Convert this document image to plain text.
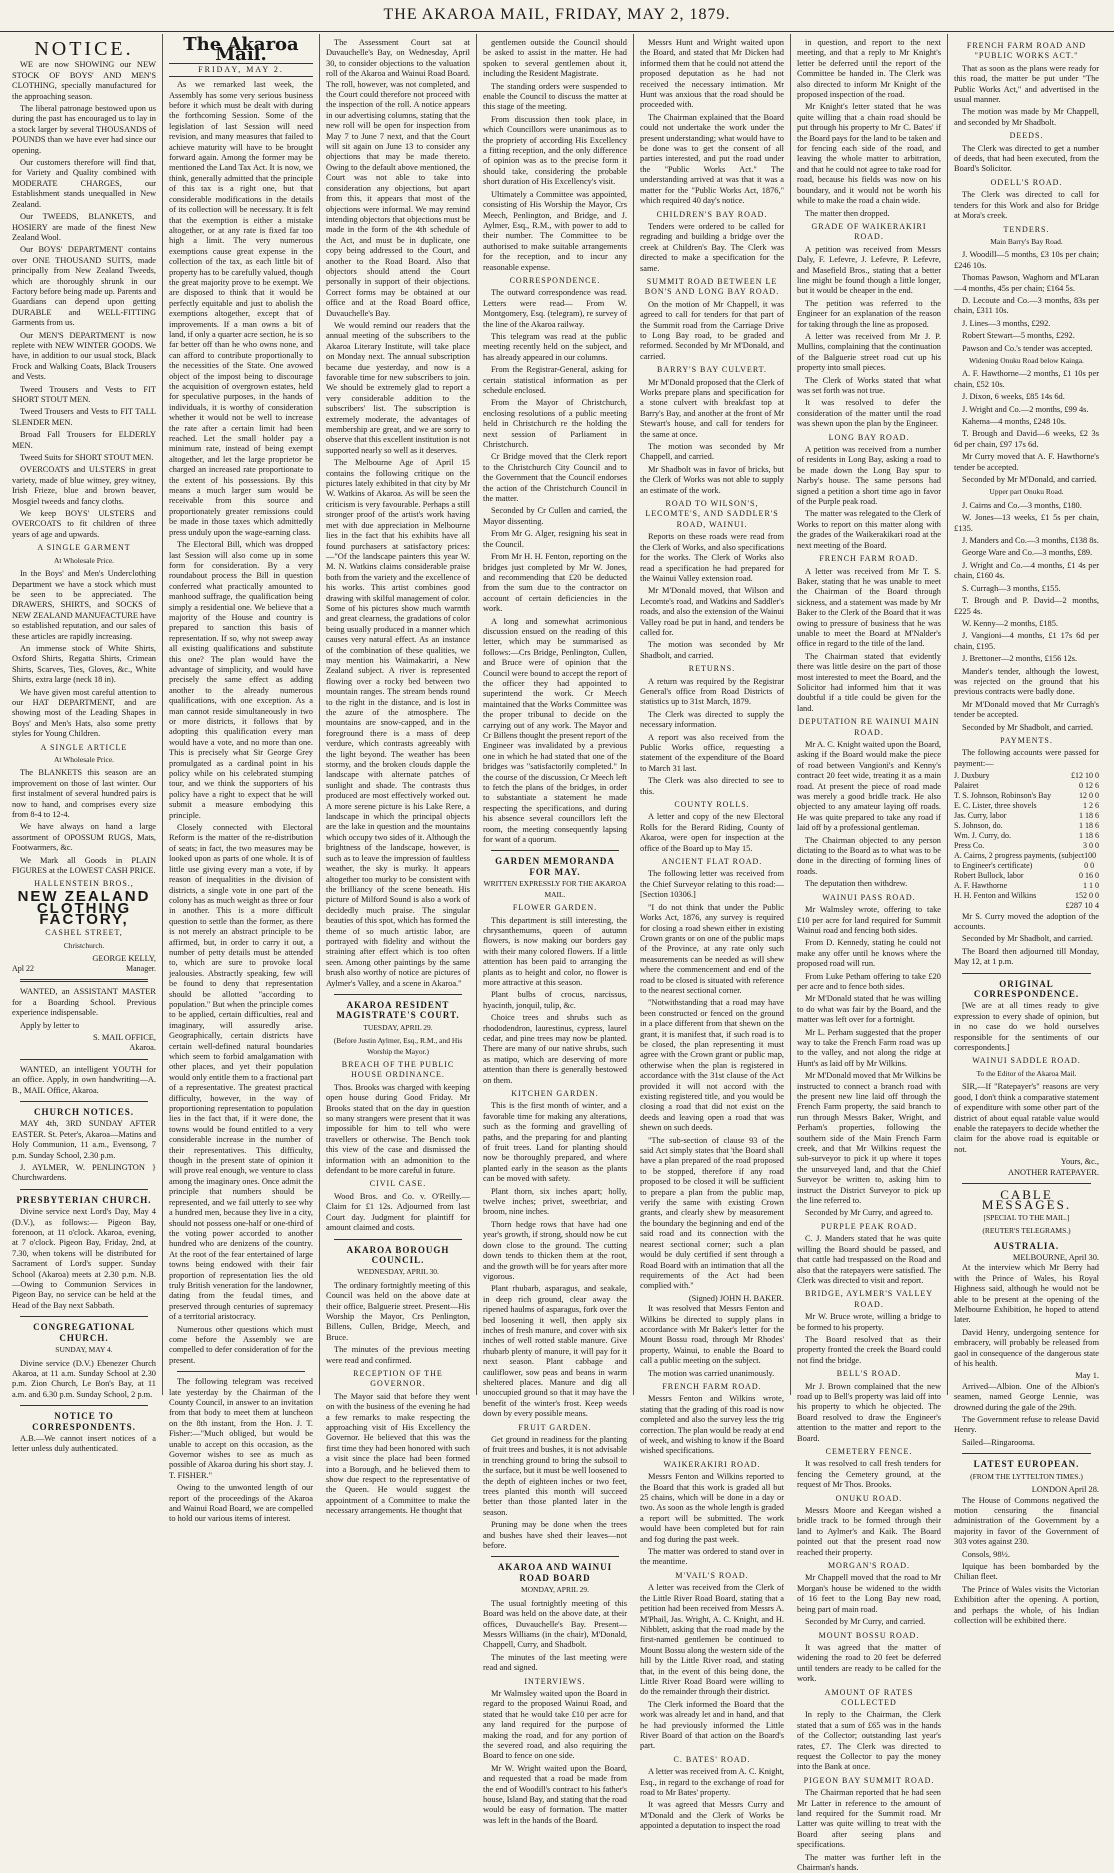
THE AKAROA MAIL, FRIDAY, MAY 2, 1879.
NOTICE.

WE are now SHOWING our NEW STOCK OF BOYS' AND MEN'S CLOTHING, specially manufactured for the approaching season.

The liberal patronage bestowed upon us during the past has encouraged us to lay in a stock larger by several THOUSANDS of POUNDS than we have ever had since our opening.

Our customers therefore will find that, for Variety and Quality combined with MODERATE CHARGES, our Establishment stands unequalled in New Zealand.

Our TWEEDS, BLANKETS, and HOSIERY are made of the finest New Zealand Wool.

Our BOYS' DEPARTMENT contains over ONE THOUSAND SUITS, made principally from New Zealand Tweeds, which are thoroughly shrunk in our Factory before being made up. Parents and Guardians can depend upon getting DURABLE and WELL-FITTING Garments from us.

Our MEN'S DEPARTMENT is now replete with NEW WINTER GOODS. We have, in addition to our usual stock, Black Frock and Walking Coats, Black Trousers and Vests.

Tweed Trousers and Vests to FIT SHORT STOUT MEN.

Tweed Trousers and Vests to FIT TALL SLENDER MEN.

Broad Fall Trousers for ELDERLY MEN.

Tweed Suits for SHORT STOUT MEN.

OVERCOATS and ULSTERS in great variety, made of blue witney, grey witney, Irish Frieze, blue and brown beaver, Mosgiel tweeds and fancy cloths.

We keep BOYS' ULSTERS and OVERCOATS to fit children of three years of age and upwards.

A SINGLE GARMENT
At Wholesale Price.

In the Boys' and Men's Underclothing Department we have a stock which must be seen to be appreciated. The DRAWERS, SHIRTS, and SOCKS of NEW ZEALAND MANUFACTURE have so established reputation, and our sales of these articles are rapidly increasing.

An immense stock of White Shirts, Oxford Shirts, Regatta Shirts, Crimean Shirts, Scarves, Ties, Gloves, &c., White Shirts, extra large (neck 18 in).

We have given most careful attention to our HAT DEPARTMENT, and are showing most of the Leading Shapes in Boys' and Men's Hats, also some pretty styles for Young Children.

A SINGLE ARTICLE
At Wholesale Price.

The BLANKETS this season are an improvement on those of last winter. Our first instalment of several hundred pairs is now to hand, and comprises every size from 8-4 to 12-4.

We have always on hand a large assortment of OPOSSUM RUGS, Mats, Footwarmers, &c.

We Mark all Goods in PLAIN FIGURES at the LOWEST CASH PRICE.

HALLENSTEIN BROS.,
NEW ZEALAND
CLOTHING FACTORY,
CASHEL STREET,
Christchurch.
GEORGE KELLY,
Apl 22	Manager.

WANTED, an ASSISTANT MASTER for a Boarding School. Previous experience indispensable.

Apply by letter to

S. MAIL OFFICE,
Akaroa.

WANTED, an intelligent YOUTH for an office. Apply, in own handwriting—A. B., MAIL Office, Akaroa.

CHURCH NOTICES.

MAY 4th, 3RD SUNDAY AFTER EASTER. St. Peter's, Akaroa—Matins and Holy Communion, 11 a.m., Evensong, 7 p.m. Sunday School, 2.30 p.m.

J. AYLMER, W. PENLINGTON } Churchwardens.

PRESBYTERIAN CHURCH.

Divine service next Lord's Day, May 4 (D.V.), as follows:— Pigeon Bay, forenoon, at 11 o'clock. Akaroa, evening, at 7 o'clock. Pigeon Bay, Friday, 2nd, at 7.30, when tokens will be distributed for Sacrament of Lord's supper. Sunday School (Akaroa) meets at 2.30 p.m. N.B.—Owing to Communion Services in Pigeon Bay, no service can be held at the Head of the Bay next Sabbath.

CONGREGATIONAL CHURCH.
SUNDAY, MAY 4.

Divine service (D.V.) Ebenezer Church Akaroa, at 11 a.m. Sunday School at 2.30 p.m. Zion Church, Le Bon's Bay, at 11 a.m. and 6.30 p.m. Sunday School, 2 p.m.

NOTICE TO CORRESPONDENTS.

A.B.—We cannot insert notices of a letter unless duly authenticated.

The Akaroa Mail.
FRIDAY, MAY 2.

As we remarked last week, the Assembly has some very serious business before it which must be dealt with during the forthcoming Session. Some of the legislation of last Session will need revision, and many measures that failed to achieve maturity will have to be brought forward again. Among the former may be mentioned the Land Tax Act. It is now, we think, generally admitted that the principle of this tax is a right one, but that considerable modifications in the details of its collection will be necessary. It is felt that the exemption is either a mistake altogether, or at any rate is fixed far too high a limit. The very numerous exemptions cause great expense in the collection of the tax, as each little bit of property has to be carefully valued, though the great majority prove to be exempt. We are disposed to think that it would be perfectly equitable and just to abolish the exemptions altogether, except that of improvements. If a man owns a bit of land, if only a quarter acre section, he is so far better off than he who owns none, and can afford to contribute proportionally to the necessities of the State. One avowed object of the impost being to discourage the acquisition of overgrown estates, held for speculative purposes, in the hands of individuals, it is worthy of consideration whether it would not be well to increase the rate after a certain limit had been reached. Let the small holder pay a minimum rate, instead of being exempt altogether, and let the large proprietor be charged an increased rate proportionate to the extent of his possessions. By this means a much larger sum would be receivable from this source and proportionately greater remissions could be made in those taxes which admittedly press unduly upon the wage-earning class.

The Electoral Bill, which was dropped last Session will also come up in some form for consideration. By a very roundabout process the Bill in question conferred what practically amounted to manhood suffrage, the qualification being simply a residential one. We believe that a majority of the House and country is prepared to sanction this basis of representation. If so, why not sweep away all existing qualifications and substitute this one? The plan would have the advantage of simplicity, and would have precisely the same effect as adding another to the already numerous qualifications, with one exception. As a man cannot reside simultaneously in two or more districts, it follows that by adopting this qualification every man would have a vote, and no more than one. This is precisely what Sir George Grey promulgated as a cardinal point in his policy while on his celebrated stumping tour, and we think the supporters of his policy have a right to expect that he will submit a measure embodying this principle.

Closely connected with Electoral Reform is the matter of the re-distribution of seats; in fact, the two measures may be looked upon as parts of one whole. It is of little use giving every man a vote, if by reason of inequalities in the division of districts, a single vote in one part of the colony has as much weight as three or four in another. This is a more difficult question to settle than the former, as there is not merely an abstract principle to be affirmed, but, in order to carry it out, a number of petty details must be attended to, which are sure to provoke local jealousies. Abstractly speaking, few will be found to deny that representation should be allotted "according to population." But when the principle comes to be applied, certain difficulties, real and imaginary, will assuredly arise. Geographically, certain districts have certain well-defined natural boundaries which seem to forbid amalgamation with other places, and yet their population would only entitle them to a fractional part of a representative. The greatest practical difficulty, however, in the way of proportioning representation to population lies in the fact that, if it were done, the towns would be found entitled to a very considerable increase in the number of their representatives. This difficulty, though in the present state of opinion it will prove real enough, we venture to class among the imaginary ones. Once admit the principle that numbers should be represented, and we fail utterly to see why a hundred men, because they live in a city, should not possess one-half or one-third of the voting power accorded to another hundred who are denizens of the country. At the root of the fear entertained of large towns being endowed with their fair proportion of representation lies the old truly British veneration for the landowner, dating from the feudal times, and preserved through centuries of supremacy of a territorial aristocracy.

Numerous other questions which must come before the Assembly we are compelled to defer consideration of for the present.

The following telegram was received late yesterday by the Chairman of the County Council, in answer to an invitation from that body to meet them at luncheon on the 8th instant, from the Hon. J. T. Fisher:—"Much obliged, but would be unable to accept on this occasion, as the Governor wishes to see as much as possible of Akaroa during his short stay. J. T. FISHER."

Owing to the unwonted length of our report of the proceedings of the Akaroa and Wainui Road Board, we are compelled to hold our various items of interest.

The Assessment Court sat at Duvauchelle's Bay, on Wednesday, April 30, to consider objections to the valuation roll of the Akaroa and Wainui Road Board. The roll, however, was not completed, and the Court could therefore not proceed with the inspection of the roll. A notice appears in our advertising columns, stating that the new roll will be open for inspection from May 7 to June 7 next, and that the Court will sit again on June 13 to consider any objections that may be made thereto. Owing to the default above mentioned, the Court was not able to take into consideration any objections, but apart from this, it appears that most of the objections were informal. We may remind intending objectors that objections must be made in the form of the 4th schedule of the Act, and must be in duplicate, one copy being addressed to the Court, and another to the Road Board. Also that objectors should attend the Court personally in support of their objections. Correct forms may be obtained at our office and at the Road Board office, Duvauchelle's Bay.

We would remind our readers that the annual meeting of the subscribers to the Akaroa Literary Institute, will take place on Monday next. The annual subscription became due yesterday, and now is a favorable time for new subscribers to join. We should be extremely glad to report a very considerable addition to the subscribers' list. The subscription is extremely moderate, the advantages of membership are great, and we are sorry to observe that this excellent institution is not supported nearly so well as it deserves.

The Melbourne Age of April 15 contains the following critique on the pictures lately exhibited in that city by Mr W. Watkins of Akaroa. As will be seen the criticism is very favourable. Perhaps a still stronger proof of the artist's work having met with due appreciation in Melbourne lies in the fact that his exhibits have all found purchasers at satisfactory prices:—"Of the landscape painters this year W. M. N. Watkins claims considerable praise both from the variety and the excellence of his works. This artist combines good drawing with skilful management of color. Some of his pictures show much warmth and great clearness, the gradations of color being usually produced in a manner which causes very natural effect. As an instance of the combination of these qualities, we may mention his Waimakariri, a New Zealand subject. A river is represented flowing over a rocky bed between two mountain ranges. The stream bends round to the right in the distance, and is lost in the azure of the atmosphere. The mountains are snow-capped, and in the foreground there is a mass of deep verdure, which contrasts agreeably with the light beyond. The weather has been stormy, and the broken clouds dapple the landscape with alternate patches of sunlight and shade. The contrasts thus produced are most effectively worked out. A more serene picture is his Lake Rere, a landscape in which the principal objects are the lake in question and the mountains which occupy two sides of it. Although the brightness of the landscape, however, is such as to leave the impression of faultless weather, the sky is murky. It appears altogether too murky to be consistent with the brilliancy of the scene beneath. His picture of Milford Sound is also a work of decidedly much praise. The singular beauties of this spot, which has formed the theme of so much artistic labor, are portrayed with fidelity and without the straining after effect which is too often seen. Among other paintings by the same brush also worthy of notice are pictures of Aylmer's Valley, and a scene in Akaroa."

AKAROA RESIDENT MAGISTRATE'S COURT.
TUESDAY, APRIL 29.
(Before Justin Aylmer, Esq., R.M., and His Worship the Mayor.)
BREACH OF THE PUBLIC HOUSE ORDINANCE.

Thos. Brooks was charged with keeping open house during Good Friday. Mr Brooks stated that on the day in question so many strangers were present that it was impossible for him to tell who were travellers or otherwise. The Bench took this view of the case and dismissed the information with an admonition to the defendant to be more careful in future.

CIVIL CASE.

Wood Bros. and Co. v. O'Reilly.—Claim for £1 12s. Adjourned from last Court day. Judgment for plaintiff for amount claimed and costs.

AKAROA BOROUGH COUNCIL.
WEDNESDAY, APRIL 30.

The ordinary fortnightly meeting of this Council was held on the above date at their office, Balguerie street. Present—His Worship the Mayor, Crs Penlington, Billens, Cullen, Bridge, Meech, and Bruce.

The minutes of the previous meeting were read and confirmed.

RECEPTION OF THE GOVERNOR.

The Mayor said that before they went on with the business of the evening he had a few remarks to make respecting the approaching visit of His Excellency the Governor. He believed that this was the first time they had been honored with such a visit since the place had been formed into a Borough, and he believed them to show due respect to the representative of the Queen. He would suggest the appointment of a Committee to make the necessary arrangements. He thought that

gentlemen outside the Council should be asked to assist in the matter. He had spoken to several gentlemen about it, including the Resident Magistrate.

The standing orders were suspended to enable the Council to discuss the matter at this stage of the meeting.

From discussion then took place, in which Councillors were unanimous as to the propriety of according His Excellency a fitting reception, and the only difference of opinion was as to the precise form it should take, considering the probable short duration of His Excellency's visit.

Ultimately a Committee was appointed, consisting of His Worship the Mayor, Crs Meech, Penlington, and Bridge, and J. Aylmer, Esq., R.M., with power to add to their number. The Committee to be authorised to make suitable arrangements for the reception, and to incur any reasonable expense.

CORRESPONDENCE.

The outward correspondence was read. Letters were read— From W. Montgomery, Esq. (telegram), re survey of the line of the Akaroa railway.

This telegram was read at the public meeting recently held on the subject, and has already appeared in our columns.

From the Registrar-General, asking for certain statistical information as per schedule enclosed.

From the Mayor of Christchurch, enclosing resolutions of a public meeting held in Christchurch re the holding the next session of Parliament in Christchurch.

Cr Bridge moved that the Clerk report to the Christchurch City Council and to the Government that the Council endorses the action of the Christchurch Council in the matter.

Seconded by Cr Cullen and carried, the Mayor dissenting.

From Mr G. Alger, resigning his seat in the Council.

From Mr H. H. Fenton, reporting on the bridges just completed by Mr W. Jones, and recommending that £20 be deducted from the sum due to the contractor on account of certain deficiencies in the work.

A long and somewhat acrimonious discussion ensued on the reading of this letter, which may be summarised as follows:—Crs Bridge, Penlington, Cullen, and Bruce were of opinion that the Council were bound to accept the report of the officer they had appointed to superintend the work. Cr Meech maintained that the Works Committee was the proper tribunal to decide on the carrying out of any work. The Mayor and Cr Billens thought the present report of the Engineer was invalidated by a previous one in which he had stated that one of the bridges was "satisfactorily completed." In the course of the discussion, Cr Meech left to fetch the plans of the bridges, in order to substantiate a statement he made respecting the specifications, and during his absence several councillors left the room, the meeting consequently lapsing for want of a quorum.

GARDEN MEMORANDA FOR MAY.
WRITTEN EXPRESSLY FOR THE AKAROA MAIL.
FLOWER GARDEN.

This department is still interesting, the chrysanthemums, queen of autumn flowers, is now making our borders gay with their many colored flowers. If a little attention has been paid to arranging the plants as to height and color, no flower is more attractive at this season.

Plant bulbs of crocus, narcissus, hyacinth, jonquil, tulip, &c.

Choice trees and shrubs such as rhododendron, laurestinus, cypress, laurel cedar, and pine trees may now be planted. There are many of our native shrubs, such as matipo, which are deserving of more attention than there is generally bestowed on them.

KITCHEN GARDEN.

This is the first month of winter, and a favorable time for making any alterations, such as the forming and gravelling of paths, and the preparing for and planting of fruit trees. Land for planting should now be thoroughly prepared, and where planted early in the season as the plants can be moved with safety.

Plant thorn, six inches apart; holly, twelve inches; privet, sweetbriar, and broom, nine inches.

Thorn hedge rows that have had one year's growth, if strong, should now be cut down close to the ground. The cutting down tends to thicken them at the root, and the growth will be for years after more vigorous.

Plant rhubarb, asparagus, and seakale, in deep rich ground, clear away the ripened haulms of asparagus, fork over the bed loosening it well, then apply six inches of fresh manure, and cover with six inches of well rotted stable manure. Give rhubarb plenty of manure, it will pay for it next season. Plant cabbage and cauliflower, sow peas and beans in warm sheltered places. Manure and dig all unoccupied ground so that it may have the benefit of the winter's frost. Keep weeds down by every possible means.

FRUIT GARDEN.

Get ground in readiness for the planting of fruit trees and bushes, it is not advisable in trenching ground to bring the subsoil to the surface, but it must be well loosened to the depth of eighteen inches or two feet, trees planted this month will succeed better than those planted later in the season.

Pruning may be done when the trees and bushes have shed their leaves—not before.

AKAROA AND WAINUI ROAD BOARD
MONDAY, APRIL 29.

The usual fortnightly meeting of this Board was held on the above date, at their offices, Duvauchelle's Bay. Present—Messrs Williams (in the chair), M'Donald, Chappell, Curry, and Shadbolt.

The minutes of the last meeting were read and signed.

INTERVIEWS.

Mr Walmsley waited upon the Board in regard to the proposed Wainui Road, and stated that he would take £10 per acre for any land required for the purpose of making the road, and for any portion of the severed road, and also requiring the Board to fence on one side.

Mr W. Wright waited upon the Board, and requested that a road be made from the end of Woodill's contract to his father's house, Island Bay, and stating that the road would be easy of formation. The matter was left in the hands of the Board.

Messrs Hunt and Wright waited upon the Board, and stated that Mr Dicken had informed them that he could not attend the proposed deputation as he had not received the necessary intimation. Mr Hunt was anxious that the road should be proceeded with.

The Chairman explained that the Board could not undertake the work under the present understanding; what would have to be done was to get the consent of all parties interested, and put the road under the "Public Works Act." The understanding arrived at was that it was a matter for the "Public Works Act, 1876," which required 40 day's notice.

CHILDREN'S BAY ROAD.

Tenders were ordered to be called for regrading and building a bridge over the creek at Children's Bay. The Clerk was directed to make a specification for the same.

SUMMIT ROAD BETWEEN LE BON'S AND LONG BAY ROAD.

On the motion of Mr Chappell, it was agreed to call for tenders for that part of the Summit road from the Carriage Drive to Long Bay road, to be graded and reformed. Seconded by Mr M'Donald, and carried.

BARRY'S BAY CULVERT.

Mr M'Donald proposed that the Clerk of Works prepare plans and specification for a stone culvert with breakfast top at Barry's Bay, and another at the front of Mr Stewart's house, and call for tenders for the same at once.

The motion was seconded by Mr Chappell, and carried.

Mr Shadbolt was in favor of bricks, but the Clerk of Works was not able to supply an estimate of the work.

ROAD TO WILSON'S, LECOMTE'S, AND SADDLER'S ROAD, WAINUI.

Reports on these roads were read from the Clerk of Works, and also specifications for the works. The Clerk of Works also read a specification he had prepared for the Wainui Valley extension road.

Mr M'Donald moved, that Wilson and Lecomte's road, and Watkins and Saddler's roads, and also the extension of the Wainui Valley road be put in hand, and tenders be called for.

The motion was seconded by Mr Shadbolt, and carried.

RETURNS.

A return was required by the Registrar General's office from Road Districts of statistics up to 31st March, 1879.

The Clerk was directed to supply the necessary information.

A report was also received from the Public Works office, requesting a statement of the expenditure of the Board to March 31 last.

The Clerk was also directed to see to this.

COUNTY ROLLS.

A letter and copy of the new Electoral Rolls for the Berard Riding, County of Akaroa, were open for inspection at the office of the Board up to May 15.

ANCIENT FLAT ROAD.

The following letter was received from the Chief Surveyor relating to this road:— [Section 10306.]

"I do not think that under the Public Works Act, 1876, any survey is required for closing a road shewn either in existing Crown grants or on one of the public maps of the Province, at any rate only such measurements can be needed as will shew where the commencement and end of the road to be closed is situated with reference to the nearest sectional corner.

"Notwithstanding that a road may have been constructed or fenced on the ground in a place different from that shewn on the grant, it is manifest that, if such road is to be closed, the plan representing it must agree with the Crown grant or public map, otherwise when the plan is registered in accordance with the 31st clause of the Act provided it will not accord with the existing registered title, and you would be closing a road that did not exist on the deeds and leaving open a road that was shewn on such deeds.

"The sub-section of clause 93 of the said Act simply states that 'the Board shall have a plan prepared of the road proposed to be stopped, therefore if any road proposed to be closed it will be sufficient to prepare a plan from the public map, verify the same with existing Crown grants, and clearly shew by measurement the boundary the beginning and end of the said road and its connection with the nearest sectional corner; such a plan would be duly certified if sent through a Road Board with an intimation that all the requirements of the Act had been complied with."

(Signed) JOHN H. BAKER.

It was resolved that Messrs Fenton and Wilkins be directed to supply plans in accordance with Mr Baker's letter for the Mount Bossu road, through Mr Rhodes' property, Wainui, to enable the Board to call a public meeting on the subject.

The motion was carried unanimously.

FRENCH FARM ROAD.

Messrs Fenton and Wilkins wrote, stating that the grading of this road is now completed and also the survey less the trig correction. The plan would be ready at end of week, and wishing to know if the Board wished specifications.

WAIKERAKIRI ROAD.

Messrs Fenton and Wilkins reported to the Board that this work is graded all but 25 chains, which will be done in a day or two. As soon as the whole length is graded a report will be submitted. The work would have been completed but for rain and fog during the past week.

The matter was ordered to stand over in the meantime.

M'VAIL'S ROAD.

A letter was received from the Clerk of the Little River Road Board, stating that a petition had been received from Messrs A. M'Phail, Jas. Wright, A. C. Knight, and H. Nibblett, asking that the road made by the first-named gentlemen be continued to Mount Bossu along the western side of the hill by the Little River road, and stating that, in the event of this being done, the Little River Road Board were willing to do the remainder through their district.

The Clerk informed the Board that the work was already let and in hand, and that he had previously informed the Little River Board of that action on the Board's part.

C. BATES' ROAD.

A letter was received from A. C. Knight, Esq., in regard to the exchange of road for road to Mr Bates' property.

It was agreed that Messrs Curry and M'Donald and the Clerk of Works be appointed a deputation to inspect the road

in question, and report to the next meeting, and that a reply to Mr Knight's letter be deferred until the report of the Committee be handed in. The Clerk was also directed to inform Mr Knight of the proposed inspection of the road.

Mr Knight's letter stated that he was quite willing that a chain road should be put through his property to Mr C. Bates' if the Board pays for the land to be taken and for fencing each side of the road, and leaving the whole matter to arbitration, and that he could not agree to take road for road, because his fields was now on his boundary, and it would not be worth his while to make the road a chain wide.

The matter then dropped.

GRADE OF WAIKERAKIRI ROAD.

A petition was received from Messrs Daly, F. Lefevre, J. Lefevre, P. Lefevre, and Masefield Bros., stating that a better line might be found though a little longer, but it would be cheaper in the end.

The petition was referred to the Engineer for an explanation of the reason for taking through the line as proposed.

A letter was received from Mr J. P. Mullins, complaining that the continuation of the Balguerie street road cut up his property into small pieces.

The Clerk of Works stated that what was set forth was not true.

It was resolved to defer the consideration of the matter until the road was shewn upon the plan by the Engineer.

LONG BAY ROAD.

A petition was received from a number of residents in Long Bay, asking a road to be made down the Long Bay spur to Narby's house. The same persons had signed a petition a short time ago in favor of the Purple peak road.

The matter was relegated to the Clerk of Works to report on this matter along with the grades of the Waikerakikari road at the next meeting of the Board.

FRENCH FARM ROAD.

A letter was received from Mr T. S. Baker, stating that he was unable to meet the Chairman of the Board through sickness, and a statement was made by Mr Baker to the Clerk of the Board that it was owing to pressure of business that he was unable to meet the Board at M'Nalder's office in regard to the title of the land.

The Chairman stated that evidently there was little desire on the part of those most interested to meet the Board, and the Solicitor had informed him that it was doubtful if a title could be given for the land.

DEPUTATION RE WAINUI MAIN ROAD.

Mr A. C. Knight waited upon the Board, asking if the Board would make the piece of road between Vangioni's and Kenny's contract 20 feet wide, treating it as a main road. At present the piece of road made was merely a good bridle track. He also objected to any amateur laying off roads. He was quite prepared to take any road if laid off by a professional gentleman.

The Chairman objected to any person dictating to the Board as to what was to be done in the directing of forming lines of roads.

The deputation then withdrew.

WAINUI PASS ROAD.

Mr Walmsley wrote, offering to take £10 per acre for land required for Summit Wainui road and fencing both sides.

From D. Kennedy, stating he could not make any offer until he knows where the proposed road will run.

From Luke Petham offering to take £20 per acre and to fence both sides.

Mr M'Donald stated that he was willing to do what was fair by the Board, and the matter was left over for a fortnight.

Mr L. Perham suggested that the proper way to take the French Farm road was up to the valley, and not along the ridge at Hunt's as laid off by Mr Wilkins.

Mr M'Donald moved that Mr Wilkins be instructed to connect a branch road with the present new line laid off through the French Farm property, the said branch to run through Messrs Baker, Wright, and Perham's properties, following the southern side of the Main French Farm creek, and that Mr Wilkins request the sub-surveyor to pick it up where it topes the unsurveyed land, and that the Chief Surveyor be written to, asking him to instruct the District Surveyor to pick up the line referred to.

Seconded by Mr Curry, and agreed to.

PURPLE PEAK ROAD.

C. J. Manders stated that he was quite willing the Board should be passed, and that cattle had trespassed on the Road and also that the ratepayers were satisfied. The Clerk was directed to visit and report.

BRIDGE, AYLMER'S VALLEY ROAD.

Mr W. Bruce wrote, willing a bridge to be formed to his property.

The Board resolved that as their property fronted the creek the Board could not find the bridge.

BELL'S ROAD.

Mr J. Brown complained that the new road up to Bell's property was laid off into his property to which he objected. The Board resolved to draw the Engineer's attention to the matter and report to the Board.

CEMETERY FENCE.

It was resolved to call fresh tenders for fencing the Cemetery ground, at the request of Mr Thos. Brooks.

ONUKU ROAD.

Messrs Moore and Keegan wished a bridle track to be formed through their land to Aylmer's and Kaik. The Board pointed out that the present road now reached their property.

MORGAN'S ROAD.

Mr Chappell moved that the road to Mr Morgan's house be widened to the width of 16 feet to the Long Bay new road, being part of main road.

Seconded by Mr Curry, and carried.

MOUNT BOSSU ROAD.

It was agreed that the matter of widening the road to 20 feet be deferred until tenders are ready to be called for the work.

AMOUNT OF RATES COLLECTED

In reply to the Chairman, the Clerk stated that a sum of £65 was in the hands of the Collector; outstanding last year's rates, £7. The Clerk was directed to request the Collector to pay the money into the Bank at once.

PIGEON BAY SUMMIT ROAD.

The Chairman reported that he had seen Mr Latter in reference to the amount of land required for the Summit road. Mr Latter was quite willing to treat with the Board after seeing plans and specifications.

The matter was further left in the Chairman's hands.

FRENCH FARM ROAD AND "PUBLIC WORKS ACT."

That as soon as the plans were ready for this road, the matter be put under "The Public Works Act," and advertised in the usual manner.

The motion was made by Mr Chappell, and seconded by Mr Shadbolt.

DEEDS.

The Clerk was directed to get a number of deeds, that had been executed, from the Board's Solicitor.

ODELL'S ROAD.

The Clerk was directed to call for tenders for this Work and also for Bridge at Mora's creek.

TENDERS.
Main Barry's Bay Road.

J. Woodill—5 months, £3 10s per chain; £246 10s.

Thomas Pawson, Waghorn and M'Laran—4 months, 45s per chain; £164 5s.

D. Lecoute and Co.—3 months, 83s per chain, £311 10s.

J. Lines—3 months, £292.

Robert Stewart—5 months, £292.

Pawson and Co.'s tender was accepted.

Widening Onuku Road below Kainga.

A. F. Hawthorne—2 months, £1 10s per chain, £52 10s.

J. Dixon, 6 weeks, £85 14s 6d.

J. Wright and Co.—2 months, £99 4s.

Kahema—4 months, £248 10s.

T. Brough and David—6 weeks, £2 3s 6d per chain, £97 17s 6d.

Mr Curry moved that A. F. Hawthorne's tender be accepted.

Seconded by Mr M'Donald, and carried.

Upper part Onuku Road.

J. Cairns and Co.—3 months, £180.

W. Jones—13 weeks, £1 5s per chain, £135.

J. Manders and Co.—3 months, £138 8s.

George Ware and Co.—3 months, £89.

J. Wright and Co.—4 months, £1 4s per chain, £160 4s.

S. Curragh—3 months, £155.

T. Brough and P. David—2 months, £225 4s.

W. Kenny—2 months, £185.

J. Vangioni—4 months, £1 17s 6d per chain, £195.

J. Brettoner—2 months, £156 12s.

Mander's tender, although the lowest, was rejected on the ground that his previous contracts were badly done.

Mr M'Donald moved that Mr Curragh's tender be accepted.

Seconded by Mr Shadbolt, and carried.

PAYMENTS.

The following accounts were passed for payment:—

J. Duxbury	£12 10 0
Palairet	0 12 6
T. S. Johnson, Robinson's Bay	12 0 0
E. C. Lister, three shovels	1 2 6
Jas. Curry, labor	1 18 6
S. Johnson, do.	1 18 6
Wm. J. Curry, do.	1 18 6
Press Co.	3 0 0
A. Cairns, 2 progress payments, (subject to Engineer's certificate)
100 0 0
Robert Bullock, labor	0 16 0
A. F. Hawthorne	1 1 0
H. H. Fenton and Wilkins	152 0 0
£287 10 4

Mr S. Curry moved the adoption of the accounts.

Seconded by Mr Shadbolt, and carried.

The Board then adjourned till Monday, May 12, at 1 p.m.

ORIGINAL CORRESPONDENCE.

[We are at all times ready to give expression to every shade of opinion, but in no case do we hold ourselves responsible for the sentiments of our correspondents.]

WAINUI SADDLE ROAD.
To the Editor of the Akaroa Mail.

SIR,—If "Ratepayer's" reasons are very good, I don't think a comparative statement of expenditure with some other part of the district of about equal ratable value would enable the ratepayers to decide whether the claim for the above road is equitable or not.

Yours, &c.,
ANOTHER RATEPAYER.
CABLE MESSAGES.
[SPECIAL TO THE MAIL.]
(REUTER'S TELEGRAMS.)
AUSTRALIA.
MELBOURNE, April 30.

At the interview which Mr Berry had with the Prince of Wales, his Royal Highness said, although he would not be able to be present at the opening of the Melbourne Exhibition, he hoped to attend later.

David Henry, undergoing sentence for embracery, will probably be released from gaol in consequence of the dangerous state of his health.

May 1.

Arrived—Albion. One of the Albion's seamen, named George Lennie, was drowned during the gale of the 29th.

The Government refuse to release David Henry.

Sailed—Ringarooma.

LATEST EUROPEAN.
(FROM THE LYTTELTON TIMES.)
LONDON April 28.

The House of Commons negatived the motion censuring the financial administration of the Government by a majority in favor of the Government of 303 votes against 230.

Consols, 98½.

Iquique has been bombarded by the Chilian fleet.

The Prince of Wales visits the Victorian Exhibition after the opening. A portion, and perhaps the whole, of his Indian collection will be exhibited there.
